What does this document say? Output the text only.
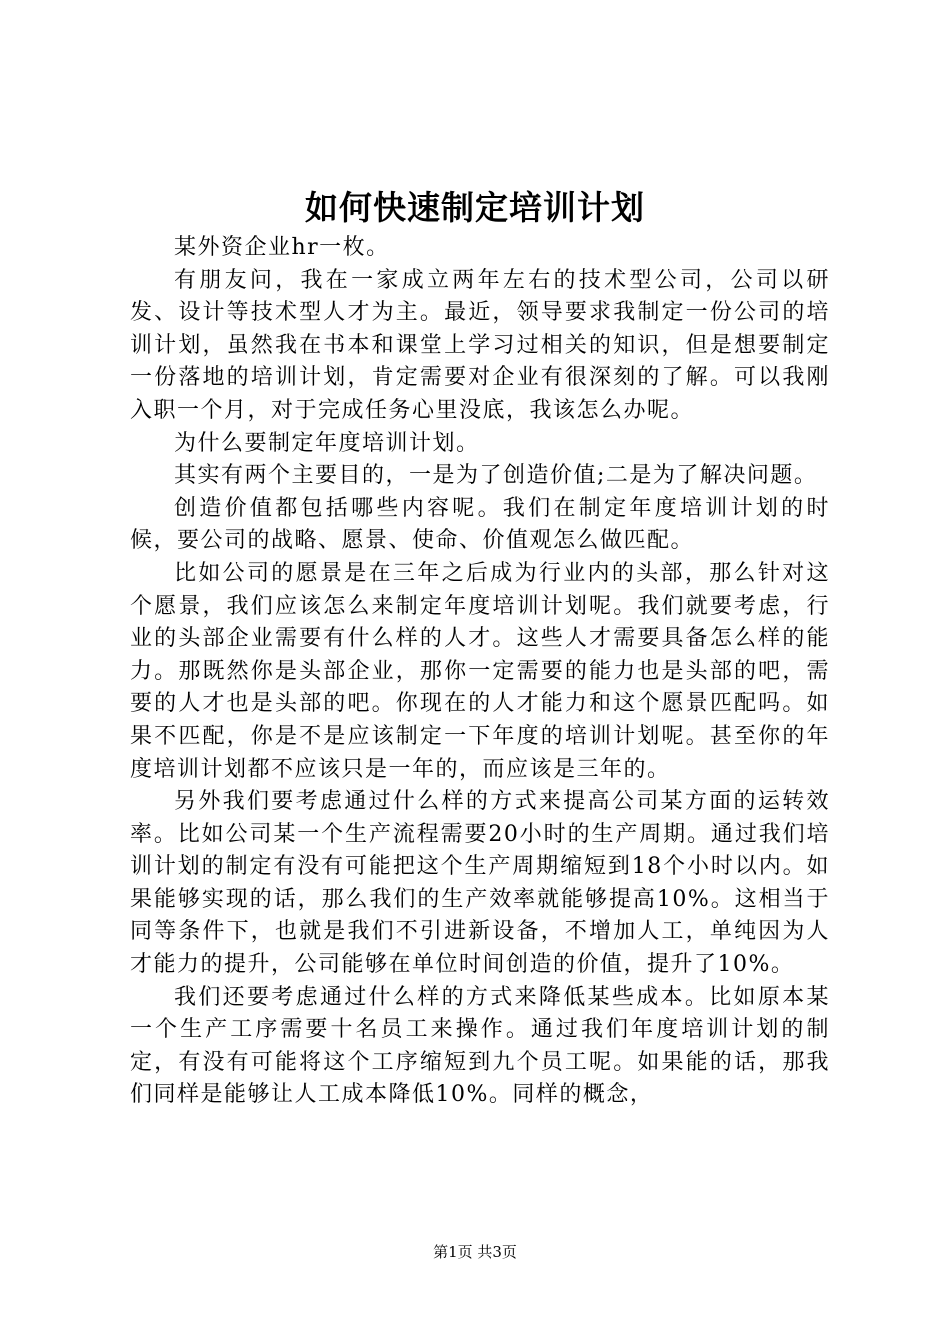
如何快速制定培训计划

某外资企业hr一枚。

有朋友问，我在一家成立两年左右的技术型公司，公司以研发、设计等技术型人才为主。最近，领导要求我制定一份公司的培训计划，虽然我在书本和课堂上学习过相关的知识，但是想要制定一份落地的培训计划，肯定需要对企业有很深刻的了解。可以我刚入职一个月，对于完成任务心里没底，我该怎么办呢。

为什么要制定年度培训计划。

其实有两个主要目的，一是为了创造价值;二是为了解决问题。

创造价值都包括哪些内容呢。我们在制定年度培训计划的时候，要公司的战略、愿景、使命、价值观怎么做匹配。

比如公司的愿景是在三年之后成为行业内的头部，那么针对这个愿景，我们应该怎么来制定年度培训计划呢。我们就要考虑，行业的头部企业需要有什么样的人才。这些人才需要具备怎么样的能力。那既然你是头部企业，那你一定需要的能力也是头部的吧，需要的人才也是头部的吧。你现在的人才能力和这个愿景匹配吗。如果不匹配，你是不是应该制定一下年度的培训计划呢。甚至你的年度培训计划都不应该只是一年的，而应该是三年的。

另外我们要考虑通过什么样的方式来提高公司某方面的运转效率。比如公司某一个生产流程需要20小时的生产周期。通过我们培训计划的制定有没有可能把这个生产周期缩短到18个小时以内。如果能够实现的话，那么我们的生产效率就能够提高10%。这相当于同等条件下，也就是我们不引进新设备，不增加人工，单纯因为人才能力的提升，公司能够在单位时间创造的价值，提升了10%。

我们还要考虑通过什么样的方式来降低某些成本。比如原本某一个生产工序需要十名员工来操作。通过我们年度培训计划的制定，有没有可能将这个工序缩短到九个员工呢。如果能的话，那我们同样是能够让人工成本降低10%。同样的概念，

第1页 共3页
